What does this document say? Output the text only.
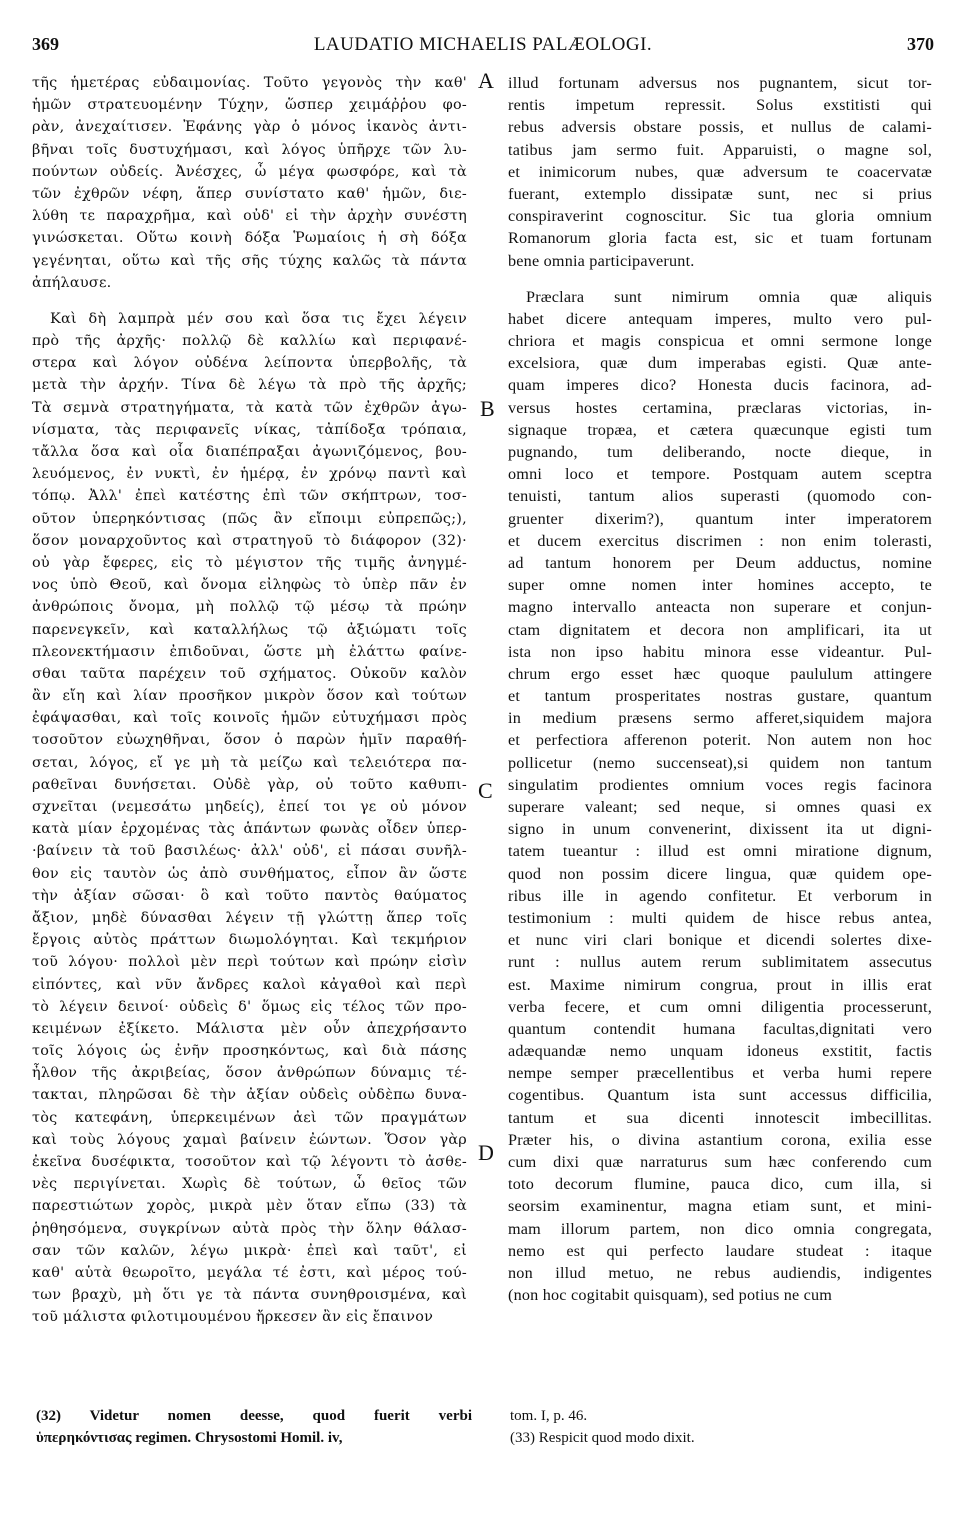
369	LAUDATIO MICHAELIS PALÆOLOGI.	370
τῆς ἡμετέρας εὐδαιμονίας. Τοῦτο γεγονὸς τὴν καθ'
ἡμῶν στρατευομένην Τύχην, ὥσπερ χειμάῤῥου φο-
ρὰν, ἀνεχαίτισεν. Ἐφάνης γὰρ ὁ μόνος ἱκανὸς ἀντι-
βῆναι τοῖς δυστυχήμασι, καὶ λόγος ὑπῆρχε τῶν λυ-
πούντων οὐδείς. Ἀνέσχες, ὦ μέγα φωσφόρε, καὶ τὰ
τῶν ἐχθρῶν νέφη, ἅπερ συνίστατο καθ' ἡμῶν, διε-
λύθη τε παραχρῆμα, καὶ οὐδ' εἰ τὴν ἀρχὴν συνέστη
γινώσκεται. Οὕτω κοινὴ δόξα Ῥωμαίοις ἡ σὴ δόξα
γεγένηται, οὕτω καὶ τῆς σῆς τύχης καλῶς τὰ πάντα
ἀπήλαυσε.
Καὶ δὴ λαμπρὰ μέν σου καὶ ὅσα τις ἔχει λέγειν
πρὸ τῆς ἀρχῆς· πολλῷ δὲ καλλίω καὶ περιφανέ-
στερα καὶ λόγον οὐδένα λείποντα ὑπερβολῆς, τὰ
μετὰ τὴν ἀρχήν. Τίνα δὲ λέγω τὰ πρὸ τῆς ἀρχῆς;
Τὰ σεμνὰ στρατηγήματα, τὰ κατὰ τῶν ἐχθρῶν ἀγω-
νίσματα, τὰς περιφανεῖς νίκας, τἀπίδοξα τρόπαια,
τἄλλα ὅσα καὶ οἷα διαπέπραξαι ἀγωνιζόμενος, βου-
λευόμενος, ἐν νυκτὶ, ἐν ἡμέρᾳ, ἐν χρόνῳ παντὶ καὶ
τόπῳ. Ἀλλ' ἐπεὶ κατέστης ἐπὶ τῶν σκήπτρων, τοσ-
οῦτον ὑπερηκόντισας (πῶς ἂν εἴποιμι εὐπρεπῶς;),
ὅσον μοναρχοῦντος καὶ στρατηγοῦ τὸ διάφορον (32)·
οὐ γὰρ ἔφερες, εἰς τὸ μέγιστον τῆς τιμῆς ἀνηγμέ-
νος ὑπὸ Θεοῦ, καὶ ὄνομα εἰληφὼς τὸ ὑπὲρ πᾶν ἐν
ἀνθρώποις ὄνομα, μὴ πολλῷ τῷ μέσῳ τὰ πρώην
παρενεγκεῖν, καὶ καταλλήλως τῷ ἀξιώματι τοῖς
πλεονεκτήμασιν ἐπιδοῦναι, ὥστε μὴ ἐλάττω φαίνε-
σθαι ταῦτα παρέχειν τοῦ σχήματος. Οὐκοῦν καλὸν
ἂν εἴη καὶ λίαν προσῆκον μικρὸν ὅσον καὶ τούτων
ἐφάψασθαι, καὶ τοῖς κοινοῖς ἡμῶν εὐτυχήμασι πρὸς
τοσοῦτον εὐωχηθῆναι, ὅσον ὁ παρὼν ἡμῖν παραθή-
σεται, λόγος, εἴ γε μὴ τὰ μείζω καὶ τελειότερα πα-
ραθεῖναι δυνήσεται. Οὐδὲ γὰρ, οὐ τοῦτο καθυπι-
σχνεῖται (νεμεσάτω μηδείς), ἐπεί τοι γε οὐ μόνον
κατὰ μίαν ἐρχομένας τὰς ἁπάντων φωνὰς οἶδεν ὑπερ-
·βαίνειν τὰ τοῦ βασιλέως· ἀλλ' οὐδ', εἰ πάσαι συνῆλ-
θον εἰς ταυτὸν ὡς ἀπὸ συνθήματος, εἶπον ἂν ὥστε
τὴν ἀξίαν σῶσαι· ὃ καὶ τοῦτο παντὸς θαύματος
ἄξιον, μηδὲ δύνασθαι λέγειν τῇ γλώττῃ ἅπερ τοῖς
ἔργοις αὐτὸς πράττων διωμολόγηται. Καὶ τεκμήριον
τοῦ λόγου· πολλοὶ μὲν περὶ τούτων καὶ πρώην εἰσὶν
εἰπόντες, καὶ νῦν ἄνδρες καλοὶ κἀγαθοὶ καὶ περὶ
τὸ λέγειν δεινοί· οὐδεὶς δ' ὅμως εἰς τέλος τῶν προ-
κειμένων ἐξίκετο. Μάλιστα μὲν οὖν ἀπεχρήσαντο
τοῖς λόγοις ὡς ἐνῆν προσηκόντως, καὶ διὰ πάσης
ἦλθον τῆς ἀκριβείας, ὅσον ἀνθρώπων δύναμις τέ-
τακται, πληρῶσαι δὲ τὴν ἀξίαν οὐδεὶς οὐδὲπω δυνα-
τὸς κατεφάνη, ὑπερκειμένων ἀεὶ τῶν πραγμάτων
καὶ τοὺς λόγους χαμαὶ βαίνειν ἐώντων. Ὅσον γὰρ
ἐκεῖνα δυσέφικτα, τοσοῦτον καὶ τῷ λέγοντι τὸ ἀσθε-
νὲς περιγίνεται. Χωρὶς δὲ τούτων, ὦ θεῖος τῶν
παρεστιώτων χορὸς, μικρὰ μὲν ὅταν εἴπω (33) τὰ
ῥηθησόμενα, συγκρίνων αὐτὰ πρὸς τὴν ὅλην θάλασ-
σαν τῶν καλῶν, λέγω μικρὰ· ἐπεὶ καὶ ταῦτ', εἰ
καθ' αὑτὰ θεωροῖτο, μεγάλα τέ ἐστι, καὶ μέρος τού-
των βραχὺ, μὴ ὅτι γε τὰ πάντα συνηθροισμένα, καὶ
τοῦ μάλιστα φιλοτιμουμένου ἤρκεσεν ἂν εἰς ἔπαινον
illud fortunam adversus nos pugnantem, sicut tor-
rentis impetum repressit. Solus exstitisti qui
rebus adversis obstare possis, et nullus de calami-
tatibus jam sermo fuit. Apparuisti, o magne sol,
et inimicorum nubes, quæ adversum te coacervatæ
fuerant, extemplo dissipatæ sunt, nec si prius
conspiraverint cognoscitur. Sic tua gloria omnium
Romanorum gloria facta est, sic et tuam fortunam
bene omnia participaverunt.
Præclara sunt nimirum omnia quæ aliquis
habet dicere antequam imperes, multo vero pul-
chriora et magis conspicua et omni sermone longe
excelsiora, quæ dum imperabas egisti. Quæ ante-
quam imperes dico? Honesta ducis facinora, ad-
versus hostes certamina, præclaras victorias, in-
signaque tropæa, et cætera quæcunque egisti tum
pugnando, tum deliberando, nocte dieque, in
omni loco et tempore. Postquam autem sceptra
tenuisti, tantum alios superasti (quomodo con-
gruenter dixerim?), quantum inter imperatorem
et ducem exercitus discrimen : non enim tolerasti,
ad tantum honorem per Deum adductus, nomine
super omne nomen inter homines accepto, te
magno intervallo anteacta non superare et conjun-
ctam dignitatem et decora non amplificari, ita ut
ista non ipso habitu minora esse videantur. Pul-
chrum ergo esset hæc quoque paululum attingere
et tantum prosperitates nostras gustare, quantum
in medium præsens sermo afferet,siquidem majora
et perfectiora afferenon poterit. Non autem non hoc
pollicetur (nemo succenseat),si quidem non tantum
singulatim prodientes omnium voces regis facinora
superare valeant; sed neque, si omnes quasi ex
signo in unum convenerint, dixissent ita ut digni-
tatem tueantur : illud est omni miratione dignum,
quod non possim dicere lingua, quæ quidem ope-
ribus ille in agendo confitetur. Et verborum in
testimonium : multi quidem de hisce rebus antea,
et nunc viri clari bonique et dicendi solertes dixe-
runt : nullus autem rerum sublimitatem assecutus
est. Maxime nimirum congrua, prout in illis erat
verba fecere, et cum omni diligentia processerunt,
quantum contendit humana facultas,dignitati vero
adæquandæ nemo unquam idoneus exstitit, factis
nempe semper præcellentibus et verba humi repere
cogentibus. Quantum ista sunt accessus difficilia,
tantum et sua dicenti innotescit imbecillitas.
Præter his, o divina astantium corona, exilia esse
cum dixi quæ narraturus sum hæc conferendo cum
toto decorum flumine, pauca dico, cum illa, si
seorsim examinentur, magna etiam sunt, et mini-
mam illorum partem, non dico omnia congregata,
nemo est qui perfecto laudare studeat : itaque
non illud metuo, ne rebus audiendis, indigentes
(non hoc cogitabit quisquam), sed potius ne cum
A
B
C
D
(32) Videtur nomen deesse, quod fuerit verbi
ὑπερηκόντισας regimen. Chrysostomi Homil. iv,
tom. I, p. 46.
(33) Respicit quod modo dixit.
